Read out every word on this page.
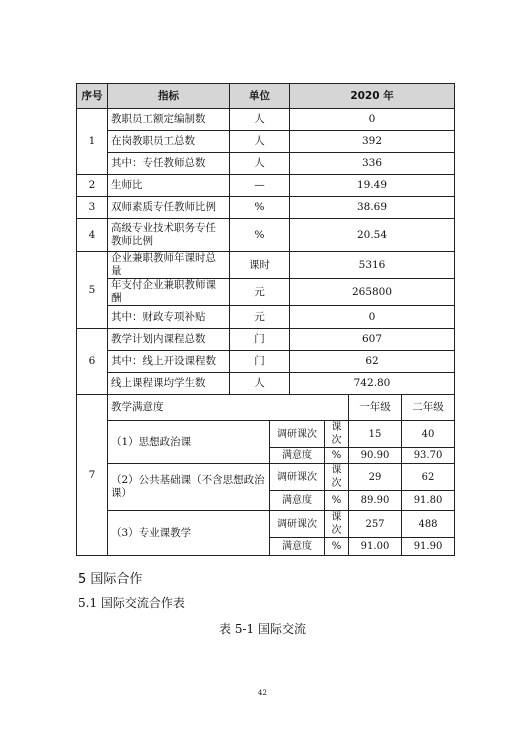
序号	指标	单位		2020 年			
1	教职员工额定编制数	人		0			
	在岗教职员工总数	人		392			
	其中：专任教师总数	人		336			
2	生师比	—		19.49			
3	双师素质专任教师比例	%		38.69			
4	高级专业技术职务专任教师比例	%		20.54			
5	企业兼职教师年课时总量	课时		5316			
	年支付企业兼职教师课酬	元		265800			
	其中：财政专项补贴	元		0			
6	教学计划内课程总数	门		607			
	其中：线上开设课程数	门		62			
	线上课程课均学生数	人		742.80			
7	教学满意度					一年级	二年级
	（1）思想政治课		调研课次		课次	15	40
			满意度		%	90.90	93.70
	（2）公共基础课（不含思想政治课）		调研课次		课次	29	62
			满意度		%	89.90	91.80
	（3）专业课教学		调研课次		课次	257	488
			满意度		%	91.00	91.90
5 国际合作
5.1 国际交流合作表
表 5-1 国际交流
42
